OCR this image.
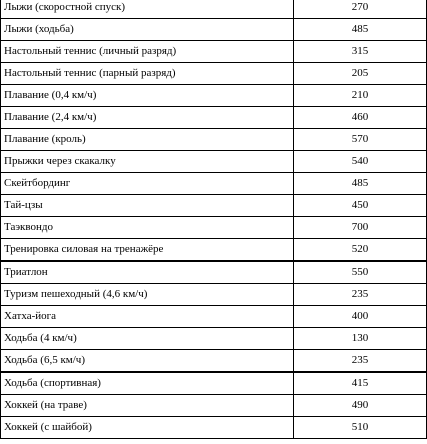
Лыжи (скоростной спуск)	270
Лыжи (ходьба)	485
Настольный теннис (личный разряд)	315
Настольный теннис (парный разряд)	205
Плавание (0,4 км/ч)	210
Плавание (2,4 км/ч)	460
Плавание (кроль)	570
Прыжки через скакалку	540
Скейтбординг	485
Тай-цзы	450
Таэквондо	700
Тренировка силовая на тренажёре	520
Триатлон	550
Туризм пешеходный (4,6 км/ч)	235
Хатха-йога	400
Ходьба (4 км/ч)	130
Ходьба (6,5 км/ч)	235
Ходьба (спортивная)	415
Хоккей (на траве)	490
Хоккей (с шайбой)	510
